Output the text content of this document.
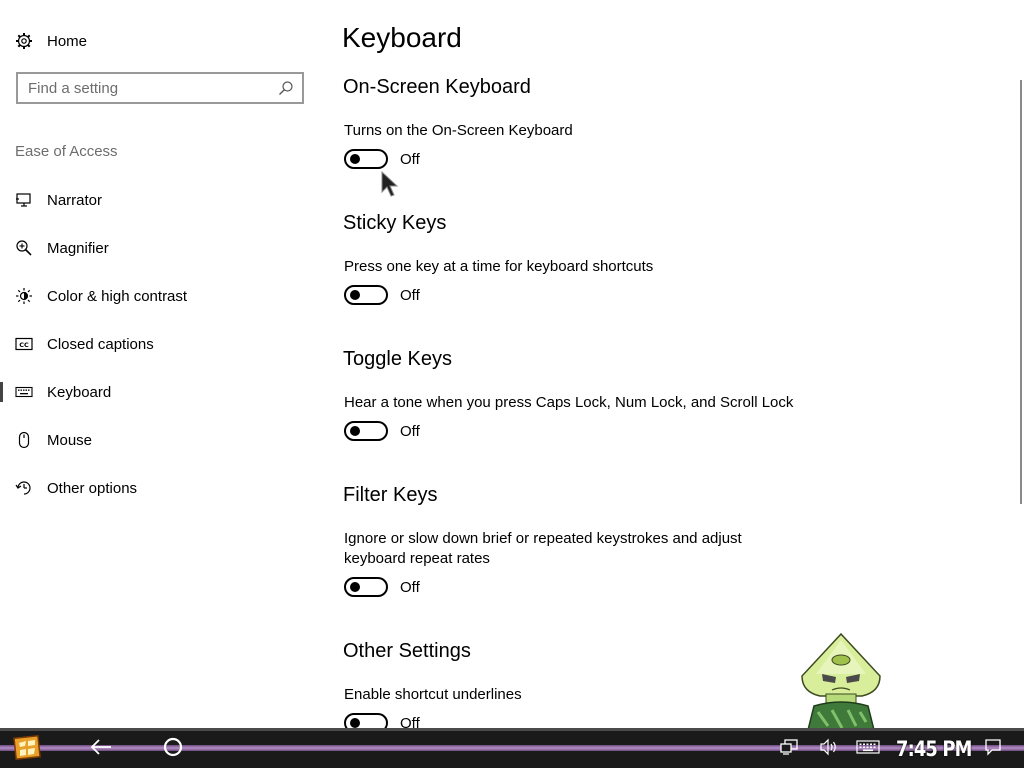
Home
Find a setting
Ease of Access
Narrator
Magnifier
Color & high contrast
CC Closed captions
Keyboard
Mouse
Other options
Keyboard
On-Screen Keyboard
Turns on the On-Screen Keyboard
Off
Sticky Keys
Press one key at a time for keyboard shortcuts
Off
Toggle Keys
Hear a tone when you press Caps Lock, Num Lock, and Scroll Lock
Off
Filter Keys
Ignore or slow down brief or repeated keystrokes and adjust keyboard repeat rates
Off
Other Settings
Enable shortcut underlines
Off
7:45 PM
